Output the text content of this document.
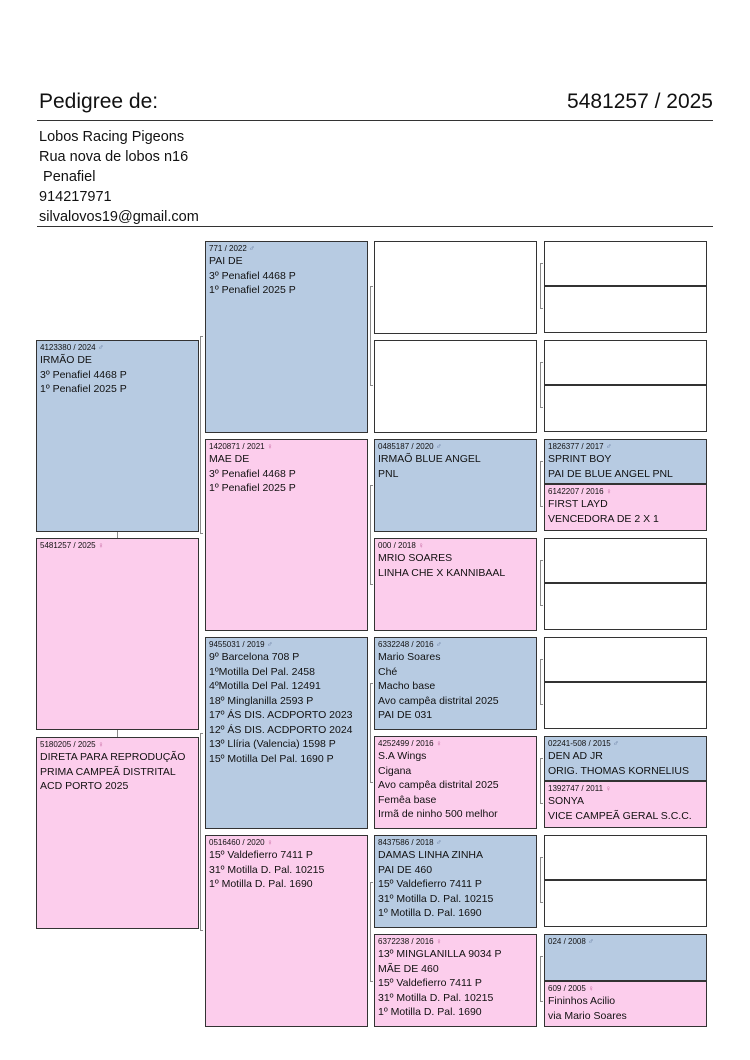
Pedigree de:	5481257 / 2025
Lobos Racing Pigeons
Rua nova de lobos n16
Penafiel
914217971
silvalovos19@gmail.com
5481257 / 2025 ♀
4123380 / 2024 ♂
IRMÃO DE
3º Penafiel 4468 P
1º Penafiel 2025 P
5180205 / 2025 ♀
DIRETA PARA REPRODUÇÃO
PRIMA CAMPEÃ DISTRITAL
ACD PORTO 2025
771 / 2022 ♂
PAI DE
3º Penafiel 4468 P
1º Penafiel 2025 P
1420871 / 2021 ♀
MAE DE
3º Penafiel 4468 P
1º Penafiel 2025 P
9455031 / 2019 ♂
9º Barcelona 708 P
1ºMotilla Del Pal. 2458
4ºMotilla Del Pal. 12491
18º Minglanilla 2593 P
17º ÁS DIS. ACDPORTO 2023
12º ÁS DIS. ACDPORTO 2024
13º Llíria (Valencia) 1598 P
15º Motilla Del Pal. 1690 P
0516460 / 2020 ♀
15º Valdefierro 7411 P
31º Motilla D. Pal. 10215
1º Motilla D. Pal. 1690
0485187 / 2020 ♂
IRMAÕ BLUE ANGEL
PNL
000 / 2018 ♀
MRIO SOARES
LINHA CHE X KANNIBAAL
6332248 / 2016 ♂
Mario Soares
Ché
Macho base
Avo campêa distrital 2025
PAI DE 031
4252499 / 2016 ♀
S.A Wings
Cigana
Avo campêa distrital 2025
Femêa base
Irmã de ninho 500 melhor
8437586 / 2018 ♂
DAMAS LINHA ZINHA
PAI DE 460
15º Valdefierro 7411 P
31º Motilla D. Pal. 10215
1º Motilla D. Pal. 1690
6372238 / 2016 ♀
13º MINGLANILLA 9034 P
MÃE DE 460
15º Valdefierro 7411 P
31º Motilla D. Pal. 10215
1º Motilla D. Pal. 1690
1826377 / 2017 ♂
SPRINT BOY
PAI DE BLUE ANGEL PNL
6142207 / 2016 ♀
FIRST LAYD
VENCEDORA DE 2 X 1
02241-508 / 2015 ♂
DEN AD JR
ORIG. THOMAS KORNELIUS
1392747 / 2011 ♀
SONYA
VICE CAMPEÃ GERAL S.C.C.
024 / 2008 ♂
609 / 2005 ♀
Fininhos Acilio
via Mario Soares
